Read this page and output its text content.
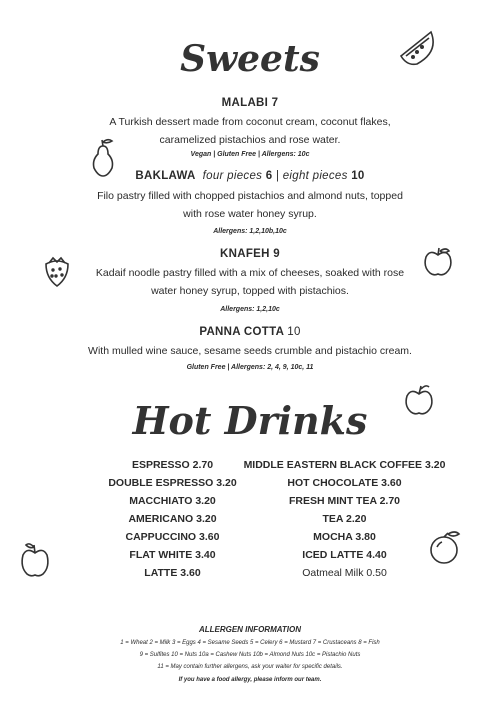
Sweets
MALABI 7
A Turkish dessert made from coconut cream, coconut flakes,
caramelized pistachios and rose water.
Vegan | Gluten Free | Allergens: 10c
BAKLAWA four pieces 6 | eight pieces 10
Filo pastry filled with chopped pistachios and almond nuts, topped
with rose water honey syrup.
Allergens: 1,2,10b,10c
KNAFEH 9
Kadaif noodle pastry filled with a mix of cheeses, soaked with rose
water honey syrup, topped with pistachios.
Allergens: 1,2,10c
PANNA COTTA 10
With mulled wine sauce, sesame seeds crumble and pistachio cream.
Gluten Free | Allergens: 2, 4, 9, 10c, 11
Hot Drinks
ESPRESSO 2.70
DOUBLE ESPRESSO 3.20
MACCHIATO 3.20
AMERICANO 3.20
CAPPUCCINO 3.60
FLAT WHITE 3.40
LATTE 3.60
MIDDLE EASTERN BLACK COFFEE 3.20
HOT CHOCOLATE 3.60
FRESH MINT TEA 2.70
TEA 2.20
MOCHA 3.80
ICED LATTE 4.40
Oatmeal Milk 0.50
ALLERGEN INFORMATION
1 = Wheat 2 = Milk 3 = Eggs 4 = Sesame Seeds 5 = Celery 6 = Mustard 7 = Crustaceans 8 = Fish
9 = Sulfites 10 = Nuts 10a = Cashew Nuts 10b = Almond Nuts 10c = Pistachio Nuts
11 = May contain further allergens, ask your waiter for specific details.
If you have a food allergy, please inform our team.
